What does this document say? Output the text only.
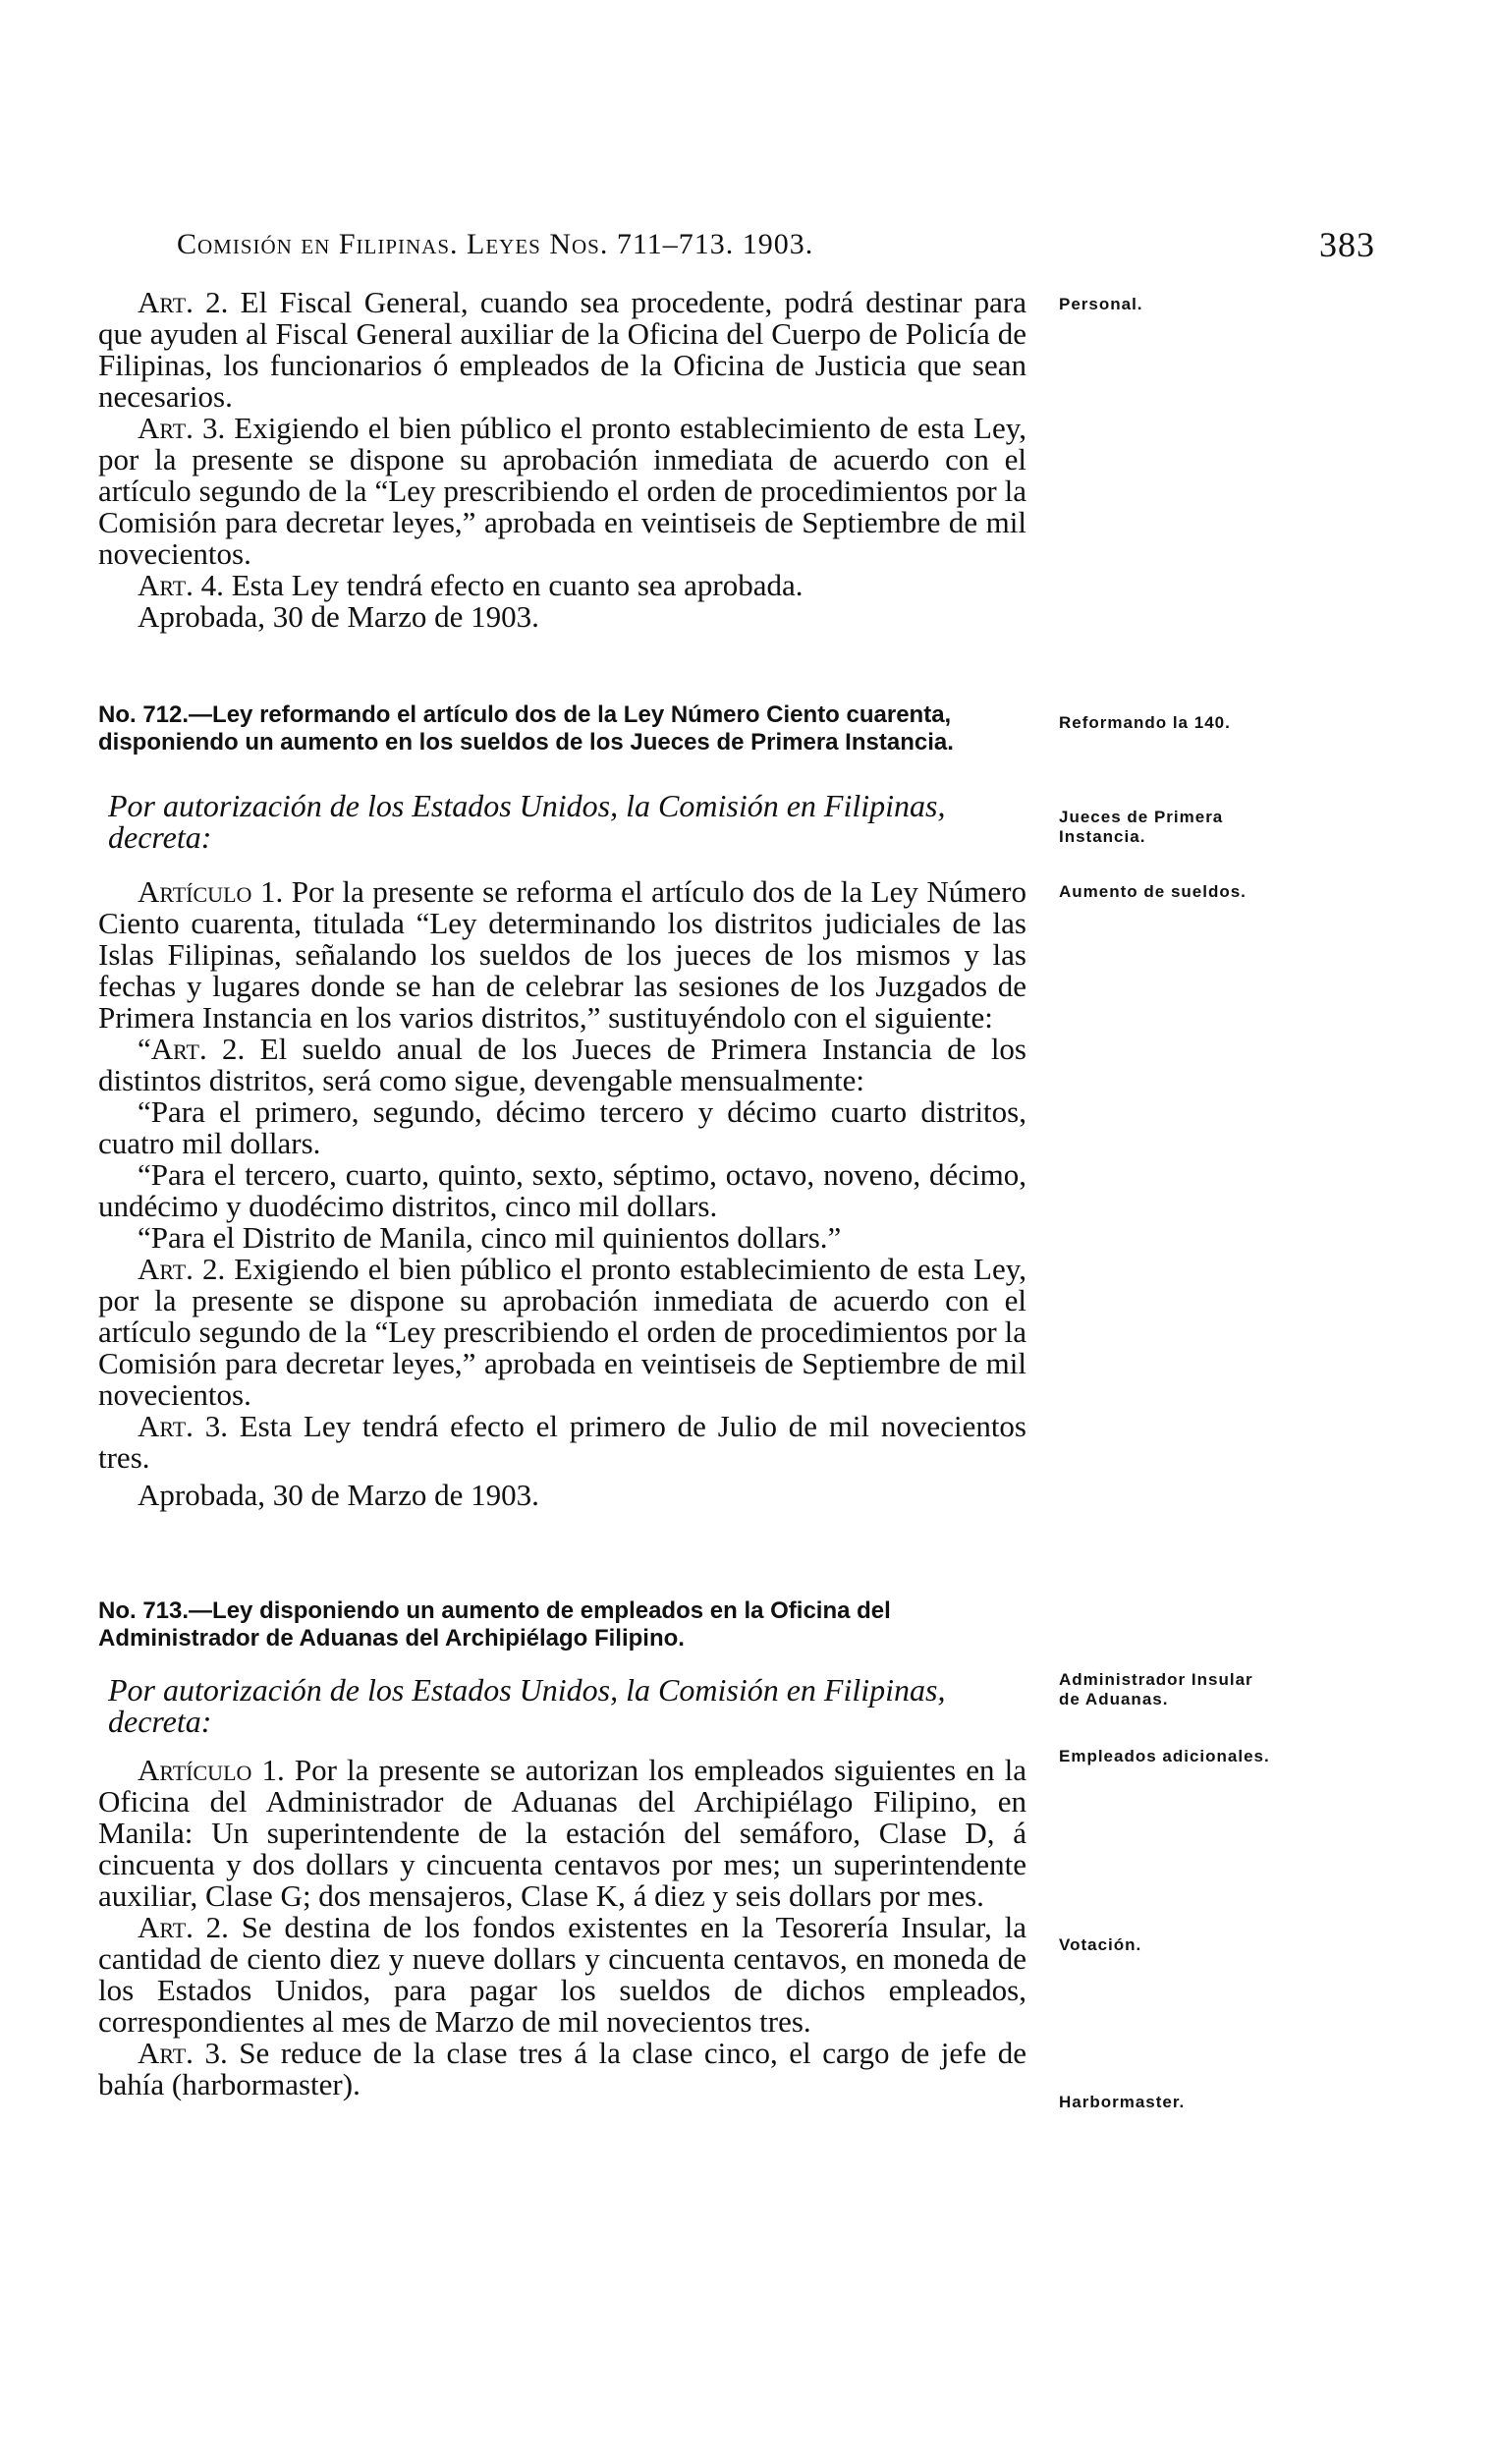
Comisión en Filipinas. Leyes Nos. 711–713. 1903.	383

Art. 2. El Fiscal General, cuando sea procedente, podrá destinar para que ayuden al Fiscal General auxiliar de la Oficina del Cuerpo de Policía de Filipinas, los funcionarios ó empleados de la Oficina de Justicia que sean necesarios.

Art. 3. Exigiendo el bien público el pronto establecimiento de esta Ley, por la presente se dispone su aprobación inmediata de acuerdo con el artículo segundo de la “Ley prescribiendo el orden de procedimientos por la Comisión para decretar leyes,” aprobada en veintiseis de Septiembre de mil novecientos.

Art. 4. Esta Ley tendrá efecto en cuanto sea aprobada.

Aprobada, 30 de Marzo de 1903.

No. 712.—Ley reformando el artículo dos de la Ley Número Ciento cuarenta, disponiendo un aumento en los sueldos de los Jueces de Primera Instancia.

Por autorización de los Estados Unidos, la Comisión en Filipinas, decreta:

Artículo 1. Por la presente se reforma el artículo dos de la Ley Número Ciento cuarenta, titulada “Ley determinando los distritos judiciales de las Islas Filipinas, señalando los sueldos de los jueces de los mismos y las fechas y lugares donde se han de celebrar las sesiones de los Juzgados de Primera Instancia en los varios distritos,” sustituyéndolo con el siguiente:

“Art. 2. El sueldo anual de los Jueces de Primera Instancia de los distintos distritos, será como sigue, devengable mensualmente:

“Para el primero, segundo, décimo tercero y décimo cuarto distritos, cuatro mil dollars.

“Para el tercero, cuarto, quinto, sexto, séptimo, octavo, noveno, décimo, undécimo y duodécimo distritos, cinco mil dollars.

“Para el Distrito de Manila, cinco mil quinientos dollars.”

Art. 2. Exigiendo el bien público el pronto establecimiento de esta Ley, por la presente se dispone su aprobación inmediata de acuerdo con el artículo segundo de la “Ley prescribiendo el orden de procedimientos por la Comisión para decretar leyes,” aprobada en veintiseis de Septiembre de mil novecientos.

Art. 3. Esta Ley tendrá efecto el primero de Julio de mil novecientos tres.

Aprobada, 30 de Marzo de 1903.

No. 713.—Ley disponiendo un aumento de empleados en la Oficina del Administrador de Aduanas del Archipiélago Filipino.

Por autorización de los Estados Unidos, la Comisión en Filipinas, decreta:

Artículo 1. Por la presente se autorizan los empleados siguientes en la Oficina del Administrador de Aduanas del Archipiélago Filipino, en Manila: Un superintendente de la estación del semáforo, Clase D, á cincuenta y dos dollars y cincuenta centavos por mes; un superintendente auxiliar, Clase G; dos mensajeros, Clase K, á diez y seis dollars por mes.

Art. 2. Se destina de los fondos existentes en la Tesorería Insular, la cantidad de ciento diez y nueve dollars y cincuenta centavos, en moneda de los Estados Unidos, para pagar los sueldos de dichos empleados, correspondientes al mes de Marzo de mil novecientos tres.

Art. 3. Se reduce de la clase tres á la clase cinco, el cargo de jefe de bahía (harbormaster).

Personal.
Reformando la 140.
Jueces de Primera Instancia.
Aumento de sueldos.
Administrador Insular de Aduanas.
Empleados adicionales.
Votación.
Harbormaster.
